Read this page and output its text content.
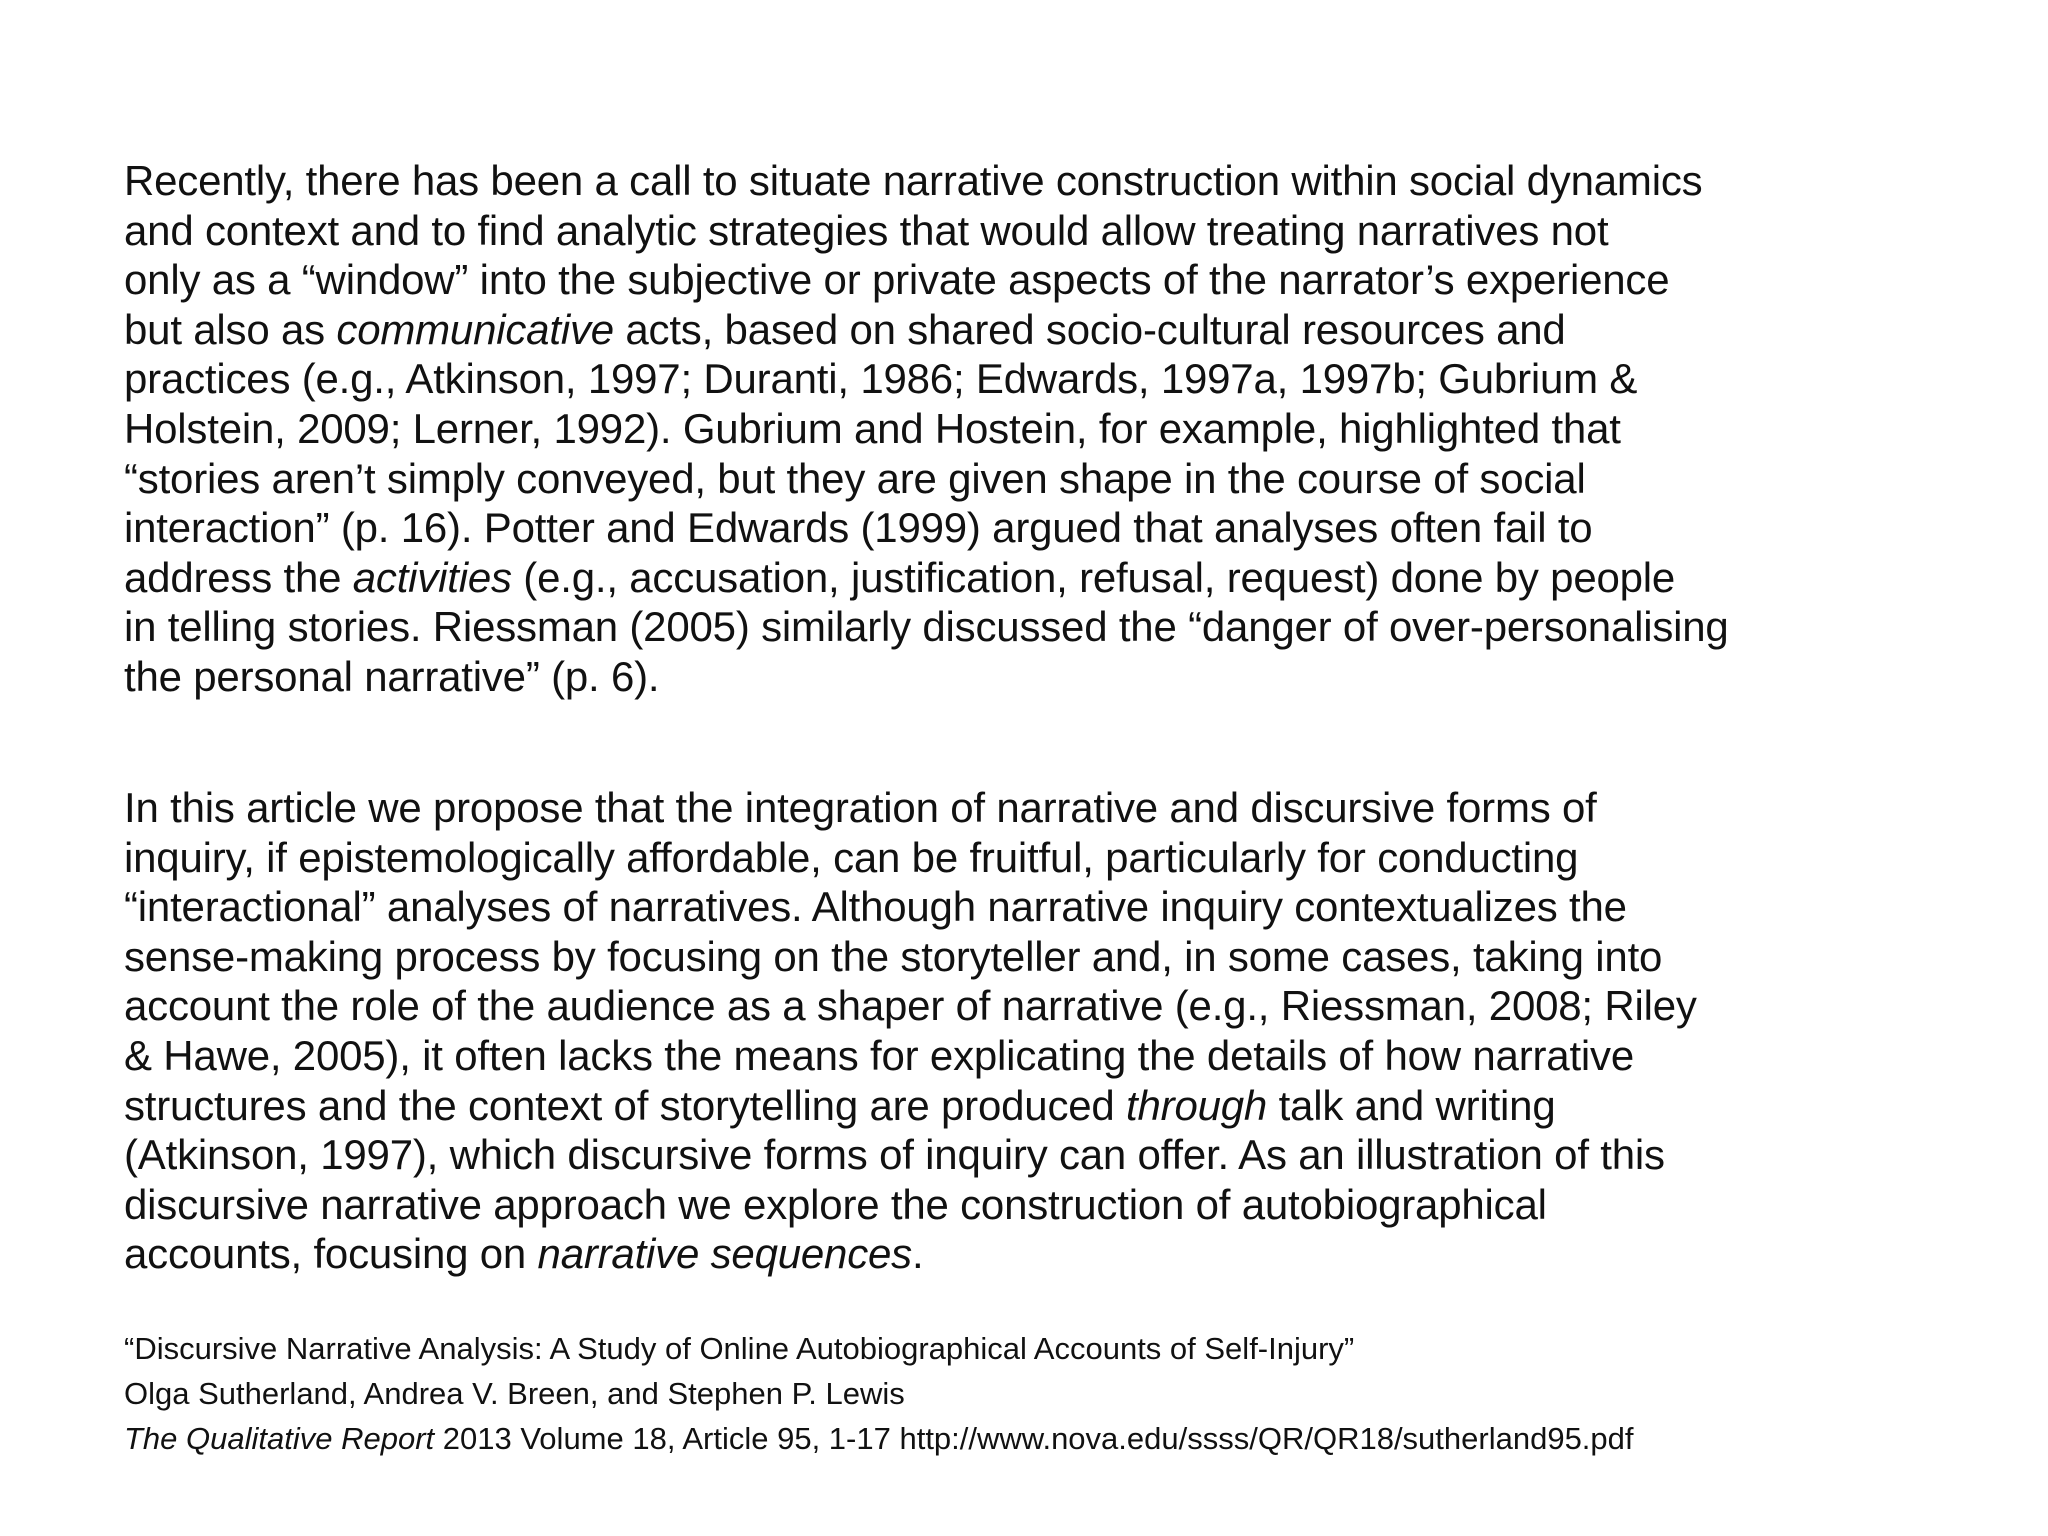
Recently, there has been a call to situate narrative construction within social dynamics
and context and to find analytic strategies that would allow treating narratives not
only as a “window” into the subjective or private aspects of the narrator’s experience
but also as communicative acts, based on shared socio-cultural resources and
practices (e.g., Atkinson, 1997; Duranti, 1986; Edwards, 1997a, 1997b; Gubrium &
Holstein, 2009; Lerner, 1992). Gubrium and Hostein, for example, highlighted that
“stories aren’t simply conveyed, but they are given shape in the course of social
interaction” (p. 16). Potter and Edwards (1999) argued that analyses often fail to
address the activities (e.g., accusation, justification, refusal, request) done by people
in telling stories. Riessman (2005) similarly discussed the “danger of over-personalising
the personal narrative” (p. 6).
In this article we propose that the integration of narrative and discursive forms of
inquiry, if epistemologically affordable, can be fruitful, particularly for conducting
“interactional” analyses of narratives. Although narrative inquiry contextualizes the
sense-making process by focusing on the storyteller and, in some cases, taking into
account the role of the audience as a shaper of narrative (e.g., Riessman, 2008; Riley
& Hawe, 2005), it often lacks the means for explicating the details of how narrative
structures and the context of storytelling are produced through talk and writing
(Atkinson, 1997), which discursive forms of inquiry can offer. As an illustration of this
discursive narrative approach we explore the construction of autobiographical
accounts, focusing on narrative sequences.
“Discursive Narrative Analysis: A Study of Online Autobiographical Accounts of Self-Injury”
Olga Sutherland, Andrea V. Breen, and Stephen P. Lewis
The Qualitative Report 2013 Volume 18, Article 95, 1-17 http://www.nova.edu/ssss/QR/QR18/sutherland95.pdf
